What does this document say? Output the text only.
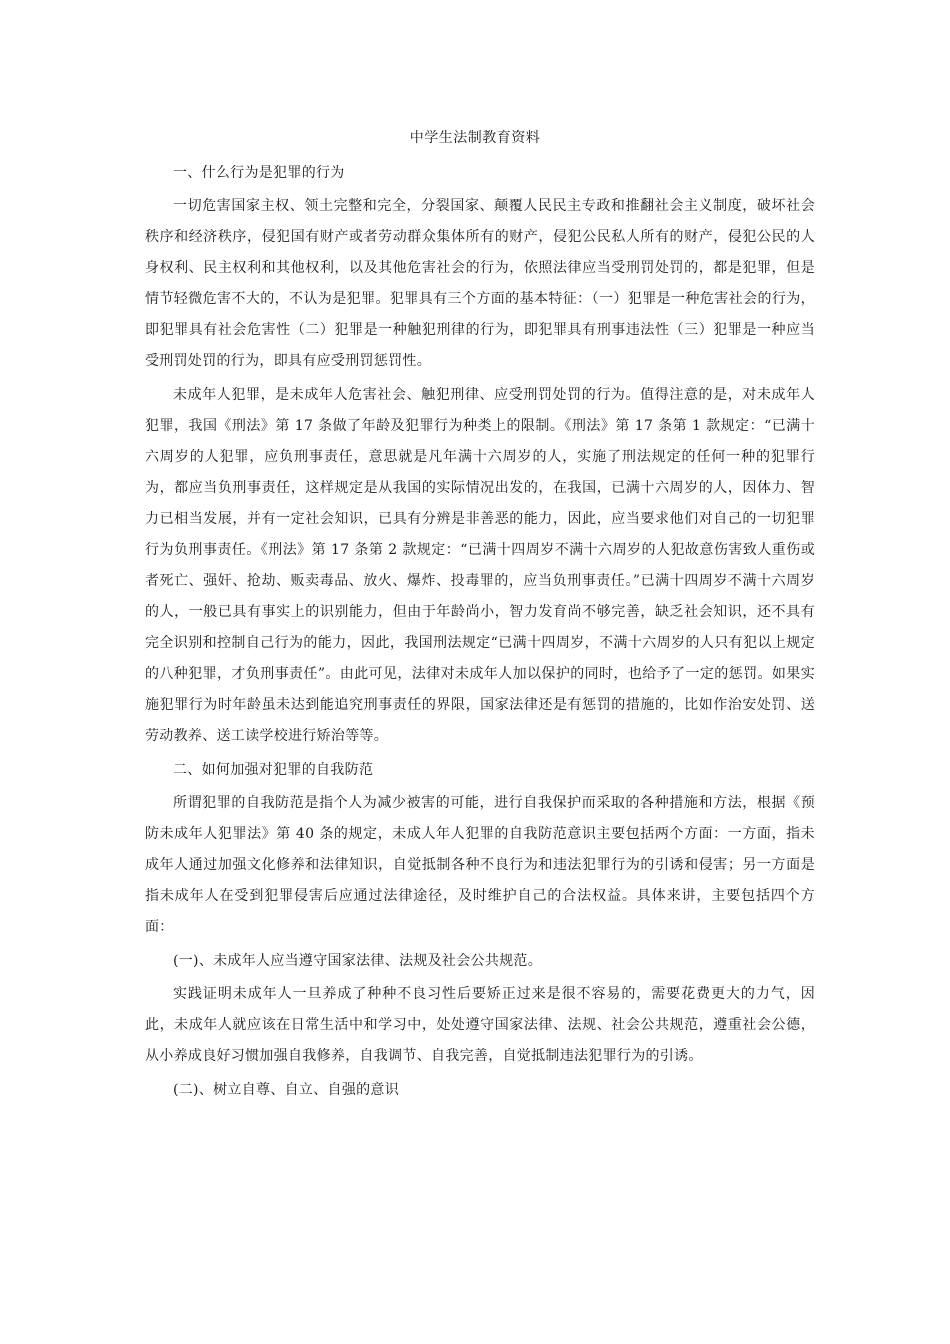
中学生法制教育资料

一、什么行为是犯罪的行为

一切危害国家主权、领土完整和完全，分裂国家、颠覆人民民主专政和推翻社会主义制度，破坏社会秩序和经济秩序，侵犯国有财产或者劳动群众集体所有的财产，侵犯公民私人所有的财产，侵犯公民的人身权利、民主权利和其他权利，以及其他危害社会的行为，依照法律应当受刑罚处罚的，都是犯罪，但是情节轻微危害不大的，不认为是犯罪。犯罪具有三个方面的基本特征：（一）犯罪是一种危害社会的行为，即犯罪具有社会危害性（二）犯罪是一种触犯刑律的行为，即犯罪具有刑事违法性（三）犯罪是一种应当受刑罚处罚的行为，即具有应受刑罚惩罚性。

未成年人犯罪，是未成年人危害社会、触犯刑律、应受刑罚处罚的行为。值得注意的是，对未成年人犯罪，我国《刑法》第 17 条做了年龄及犯罪行为种类上的限制。《刑法》第 17 条第 1 款规定：“已满十六周岁的人犯罪，应负刑事责任，意思就是凡年满十六周岁的人，实施了刑法规定的任何一种的犯罪行为，都应当负刑事责任，这样规定是从我国的实际情况出发的，在我国，已满十六周岁的人，因体力、智力已相当发展，并有一定社会知识，已具有分辨是非善恶的能力，因此，应当要求他们对自己的一切犯罪行为负刑事责任。《刑法》第 17 条第 2 款规定：“已满十四周岁不满十六周岁的人犯故意伤害致人重伤或者死亡、强奸、抢劫、贩卖毒品、放火、爆炸、投毒罪的，应当负刑事责任。”已满十四周岁不满十六周岁的人，一般已具有事实上的识别能力，但由于年龄尚小，智力发育尚不够完善，缺乏社会知识，还不具有完全识别和控制自己行为的能力，因此，我国刑法规定“已满十四周岁，不满十六周岁的人只有犯以上规定的八种犯罪，才负刑事责任”。由此可见，法律对未成年人加以保护的同时，也给予了一定的惩罚。如果实施犯罪行为时年龄虽未达到能追究刑事责任的界限，国家法律还是有惩罚的措施的，比如作治安处罚、送劳动教养、送工读学校进行矫治等等。

二、如何加强对犯罪的自我防范

所谓犯罪的自我防范是指个人为减少被害的可能，进行自我保护而采取的各种措施和方法，根据《预防未成年人犯罪法》第 40 条的规定，未成人年人犯罪的自我防范意识主要包括两个方面：一方面，指未成年人通过加强文化修养和法律知识，自觉抵制各种不良行为和违法犯罪行为的引诱和侵害；另一方面是指未成年人在受到犯罪侵害后应通过法律途径，及时维护自己的合法权益。具体来讲，主要包括四个方面：

(一)、未成年人应当遵守国家法律、法规及社会公共规范。

实践证明未成年人一旦养成了种种不良习性后要矫正过来是很不容易的，需要花费更大的力气，因此，未成年人就应该在日常生活中和学习中，处处遵守国家法律、法规、社会公共规范，遵重社会公德，从小养成良好习惯加强自我修养，自我调节、自我完善，自觉抵制违法犯罪行为的引诱。

(二)、树立自尊、自立、自强的意识
